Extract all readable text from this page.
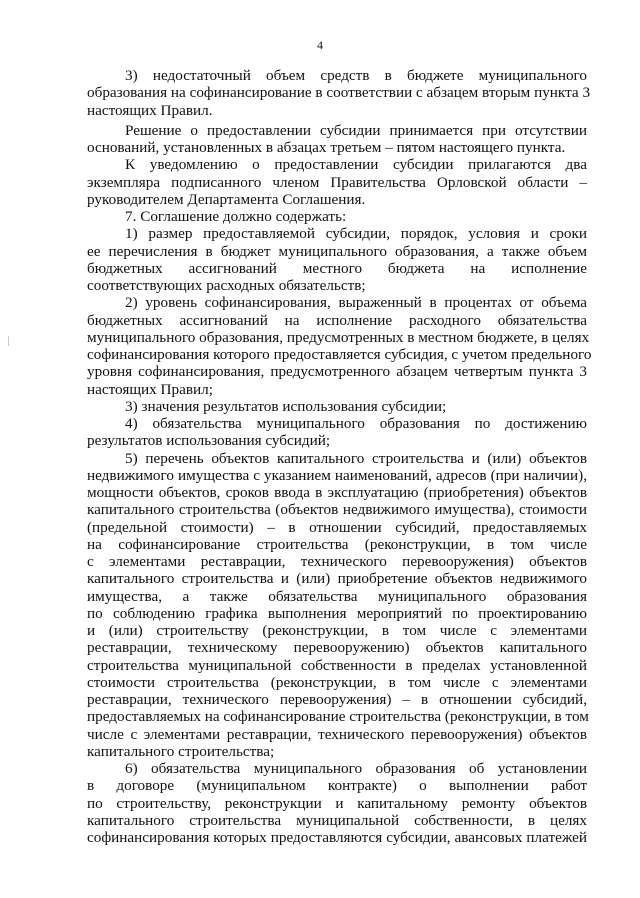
4
3) недостаточный объем средств в бюджете муниципального
образования на софинансирование в соответствии с абзацем вторым пункта 3
настоящих Правил.
Решение о предоставлении субсидии принимается при отсутствии
оснований, установленных в абзацах третьем – пятом настоящего пункта.
К уведомлению о предоставлении субсидии прилагаются два
экземпляра подписанного членом Правительства Орловской области –
руководителем Департамента Соглашения.
7. Соглашение должно содержать:
1) размер предоставляемой субсидии, порядок, условия и сроки
ее перечисления в бюджет муниципального образования, а также объем
бюджетных ассигнований местного бюджета на исполнение
соответствующих расходных обязательств;
2) уровень софинансирования, выраженный в процентах от объема
бюджетных ассигнований на исполнение расходного обязательства
муниципального образования, предусмотренных в местном бюджете, в целях
софинансирования которого предоставляется субсидия, с учетом предельного
уровня софинансирования, предусмотренного абзацем четвертым пункта 3
настоящих Правил;
3) значения результатов использования субсидии;
4) обязательства муниципального образования по достижению
результатов использования субсидий;
5) перечень объектов капитального строительства и (или) объектов
недвижимого имущества с указанием наименований, адресов (при наличии),
мощности объектов, сроков ввода в эксплуатацию (приобретения) объектов
капитального строительства (объектов недвижимого имущества), стоимости
(предельной стоимости) – в отношении субсидий, предоставляемых
на софинансирование строительства (реконструкции, в том числе
с элементами реставрации, технического перевооружения) объектов
капитального строительства и (или) приобретение объектов недвижимого
имущества, а также обязательства муниципального образования
по соблюдению графика выполнения мероприятий по проектированию
и (или) строительству (реконструкции, в том числе с элементами
реставрации, техническому перевооружению) объектов капитального
строительства муниципальной собственности в пределах установленной
стоимости строительства (реконструкции, в том числе с элементами
реставрации, технического перевооружения) – в отношении субсидий,
предоставляемых на софинансирование строительства (реконструкции, в том
числе с элементами реставрации, технического перевооружения) объектов
капитального строительства;
6) обязательства муниципального образования об установлении
в договоре (муниципальном контракте) о выполнении работ
по строительству, реконструкции и капитальному ремонту объектов
капитального строительства муниципальной собственности, в целях
софинансирования которых предоставляются субсидии, авансовых платежей
